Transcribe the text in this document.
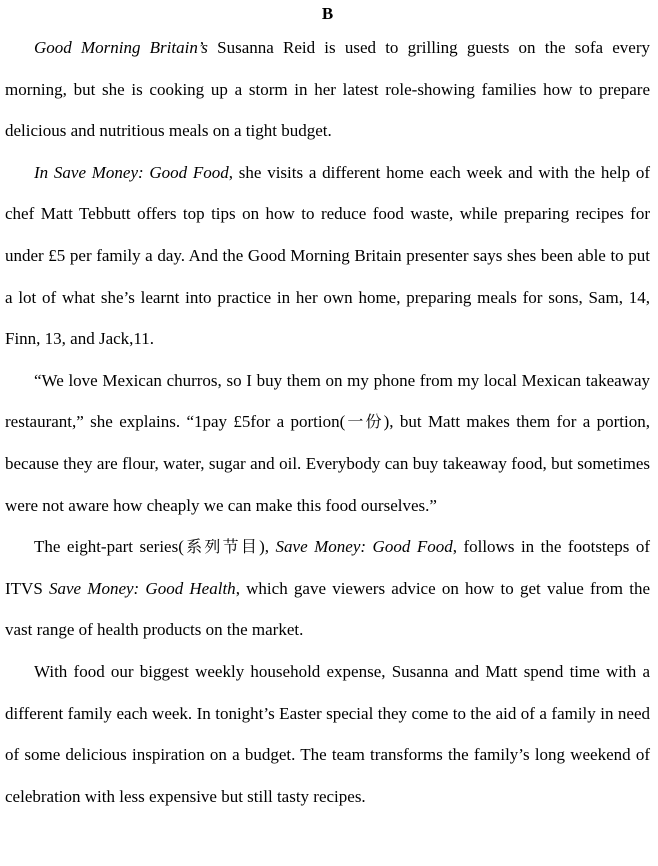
B

Good Morning Britain’s Susanna Reid is used to grilling guests on the sofa every morning, but she is cooking up a storm in her latest role-showing families how to prepare delicious and nutritious meals on a tight budget.

In Save Money: Good Food, she visits a different home each week and with the help of chef Matt Tebbutt offers top tips on how to reduce food waste, while preparing recipes for under £5 per family a day. And the Good Morning Britain presenter says shes been able to put a lot of what she’s learnt into practice in her own home, preparing meals for sons, Sam, 14, Finn, 13, and Jack,11.

“We love Mexican churros, so I buy them on my phone from my local Mexican takeaway restaurant,” she explains. “1pay £5for a portion(一份), but Matt makes them for a portion, because they are flour, water, sugar and oil. Everybody can buy takeaway food, but sometimes were not aware how cheaply we can make this food ourselves.”

The eight-part series(系列节目), Save Money: Good Food, follows in the footsteps of ITVS Save Money: Good Health, which gave viewers advice on how to get value from the vast range of health products on the market.

With food our biggest weekly household expense, Susanna and Matt spend time with a different family each week. In tonight’s Easter special they come to the aid of a family in need of some delicious inspiration on a budget. The team transforms the family’s long weekend of celebration with less expensive but still tasty recipes.
